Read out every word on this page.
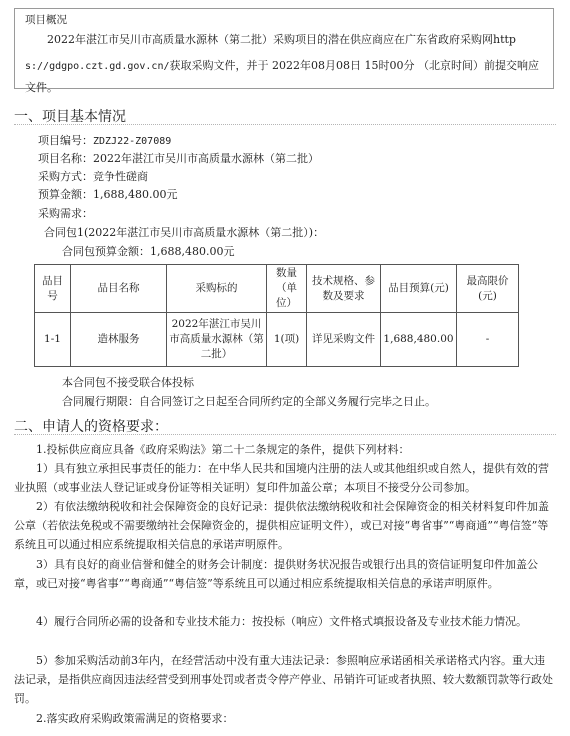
项目概况
2022年湛江市吴川市高质量水源林（第二批）采购项目的潜在供应商应在广东省政府采购网http
s://gdgpo.czt.gd.gov.cn/获取采购文件，并于 2022年08月08日 15时00分 （北京时间）前提交响应文件。
一、项目基本情况
项目编号：ZDZJ22-Z07089
项目名称：2022年湛江市吴川市高质量水源林（第二批）
采购方式：竞争性磋商
预算金额：1,688,480.00元
采购需求：
合同包1(2022年湛江市吴川市高质量水源林（第二批）)：
合同包预算金额：1,688,480.00元
品目号	品目名称	采购标的	数量（单位）	技术规格、参数及要求	品目预算(元)	最高限价(元)
1-1	造林服务	2022年湛江市吴川市高质量水源林（第二批）	1(项)	详见采购文件	1,688,480.00	-
本合同包不接受联合体投标
合同履行期限：自合同签订之日起至合同所约定的全部义务履行完毕之日止。
二、申请人的资格要求：
1.投标供应商应具备《政府采购法》第二十二条规定的条件，提供下列材料：
1）具有独立承担民事责任的能力：在中华人民共和国境内注册的法人或其他组织或自然人，提供有效的营业执照（或事业法人登记证或身份证等相关证明）复印件加盖公章；本项目不接受分公司参加。
2）有依法缴纳税收和社会保障资金的良好记录：提供依法缴纳税收和社会保障资金的相关材料复印件加盖公章（若依法免税或不需要缴纳社会保障资金的，提供相应证明文件），或已对接“粤省事”“粤商通”“粤信签”等系统且可以通过相应系统提取相关信息的承诺声明原件。
3）具有良好的商业信誉和健全的财务会计制度：提供财务状况报告或银行出具的资信证明复印件加盖公章，或已对接“粤省事”“粤商通”“粤信签”等系统且可以通过相应系统提取相关信息的承诺声明原件。
4）履行合同所必需的设备和专业技术能力：按投标（响应）文件格式填报设备及专业技术能力情况。
5）参加采购活动前3年内，在经营活动中没有重大违法记录：参照响应承诺函相关承诺格式内容。重大违法记录，是指供应商因违法经营受到刑事处罚或者责令停产停业、吊销许可证或者执照、较大数额罚款等行政处罚。
2.落实政府采购政策需满足的资格要求：
